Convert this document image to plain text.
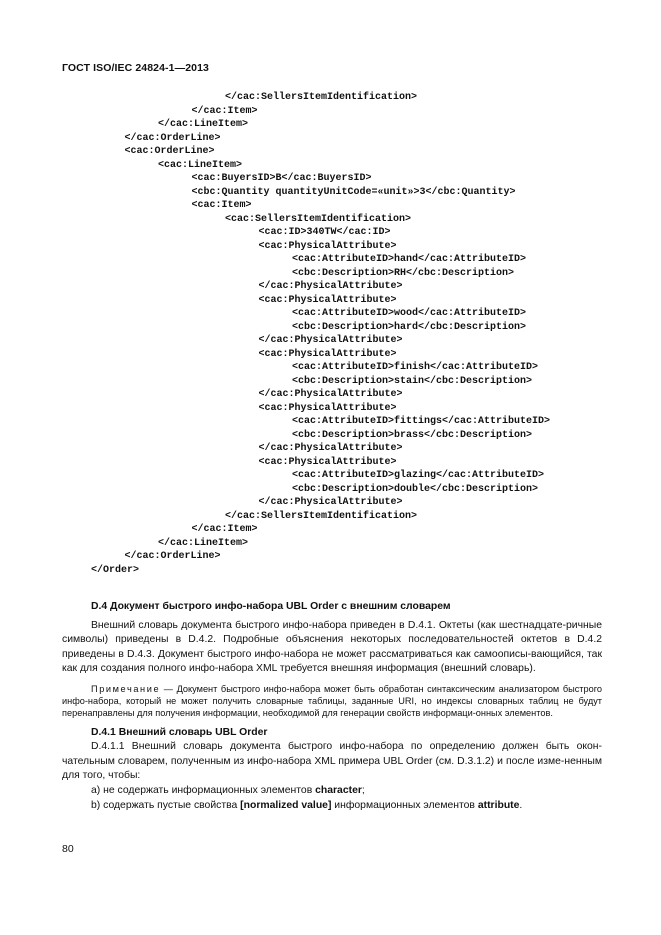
ГОСТ ISO/IEC 24824-1—2013
</cac:SellersItemIdentification>
</cac:Item>
</cac:LineItem>
</cac:OrderLine>
<cac:OrderLine>
<cac:LineItem>
<cac:BuyersID>B</cac:BuyersID>
<cbc:Quantity quantityUnitCode=«unit»>3</cbc:Quantity>
<cac:Item>
<cac:SellersItemIdentification>
<cac:ID>340TW</cac:ID>
<cac:PhysicalAttribute>
<cac:AttributeID>hand</cac:AttributeID>
<cbc:Description>RH</cbc:Description>
</cac:PhysicalAttribute>
<cac:PhysicalAttribute>
<cac:AttributeID>wood</cac:AttributeID>
<cbc:Description>hard</cbc:Description>
</cac:PhysicalAttribute>
<cac:PhysicalAttribute>
<cac:AttributeID>finish</cac:AttributeID>
<cbc:Description>stain</cbc:Description>
</cac:PhysicalAttribute>
<cac:PhysicalAttribute>
<cac:AttributeID>fittings</cac:AttributeID>
<cbc:Description>brass</cbc:Description>
</cac:PhysicalAttribute>
<cac:PhysicalAttribute>
<cac:AttributeID>glazing</cac:AttributeID>
<cbc:Description>double</cbc:Description>
</cac:PhysicalAttribute>
</cac:SellersItemIdentification>
</cac:Item>
</cac:LineItem>
</cac:OrderLine>
</Order>
D.4 Документ быстрого инфо-набора UBL Order с внешним словарем
Внешний словарь документа быстрого инфо-набора приведен в D.4.1. Октеты (как шестнадцате-ричные символы) приведены в D.4.2. Подробные объяснения некоторых последовательностей октетов в D.4.2 приведены в D.4.3. Документ быстрого инфо-набора не может рассматриваться как самоописы-вающийся, так как для создания полного инфо-набора XML требуется внешняя информация (внешний словарь).
Примечание — Документ быстрого инфо-набора может быть обработан синтаксическим анализатором быстрого инфо-набора, который не может получить словарные таблицы, заданные URI, но индексы словарных таблиц не будут перенаправлены для получения информации, необходимой для генерации свойств информаци-онных элементов.
D.4.1 Внешний словарь UBL Order
D.4.1.1 Внешний словарь документа быстрого инфо-набора по определению должен быть окон-чательным словарем, полученным из инфо-набора XML примера UBL Order (см. D.3.1.2) и после изме-ненным для того, чтобы:
а) не содержать информационных элементов character;
b) содержать пустые свойства [normalized value] информационных элементов attribute.
80
